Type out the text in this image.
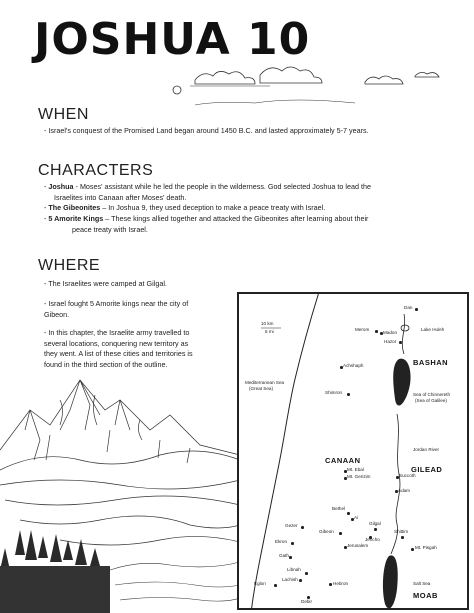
JOSHUA 10
WHEN
- Israel's conquest of the Promised Land began around 1450 B.C. and lasted approximately 5-7 years.
CHARACTERS
- Joshua - Moses' assistant while he led the people in the wilderness. God selected Joshua to lead the
Israelites into Canaan after Moses' death.
- The Gibeonites – In Joshua 9, they used deception to make a peace treaty with Israel.
- 5 Amorite Kings – These kings allied together and attacked the Gibeonites after learning about their
peace treaty with Israel.
WHERE
- The Israelites were camped at Gilgal.
- Israel fought 5 Amorite kings near the city of
Gibeon.
- In this chapter, the Israelite army travelled to
several locations, conquering new territory as
they went. A list of these cities and territories is
found in the third section of the outline.
10 km
5 mi
BASHAN
CANAAN
GILEAD
MOAB
Mediterranean Sea
(Great Sea)
Sea of Chinnereth
(Sea of Galilee)
Jordan River
Salt Sea
Lake Huleh
Dan
Merom
Madon
Hazor
Achshaph
Shimron
Mt. Ebal
Mt. Gerizim	Succoth
Adam
Bethel
Ai
Gezer
Gibeon
Gilgal
Jericho
Ekron
Jerusalem
Shittim
Mt. Pisgah
Gath
Libnah
Lachish
Eglon	Hebron
Debir
